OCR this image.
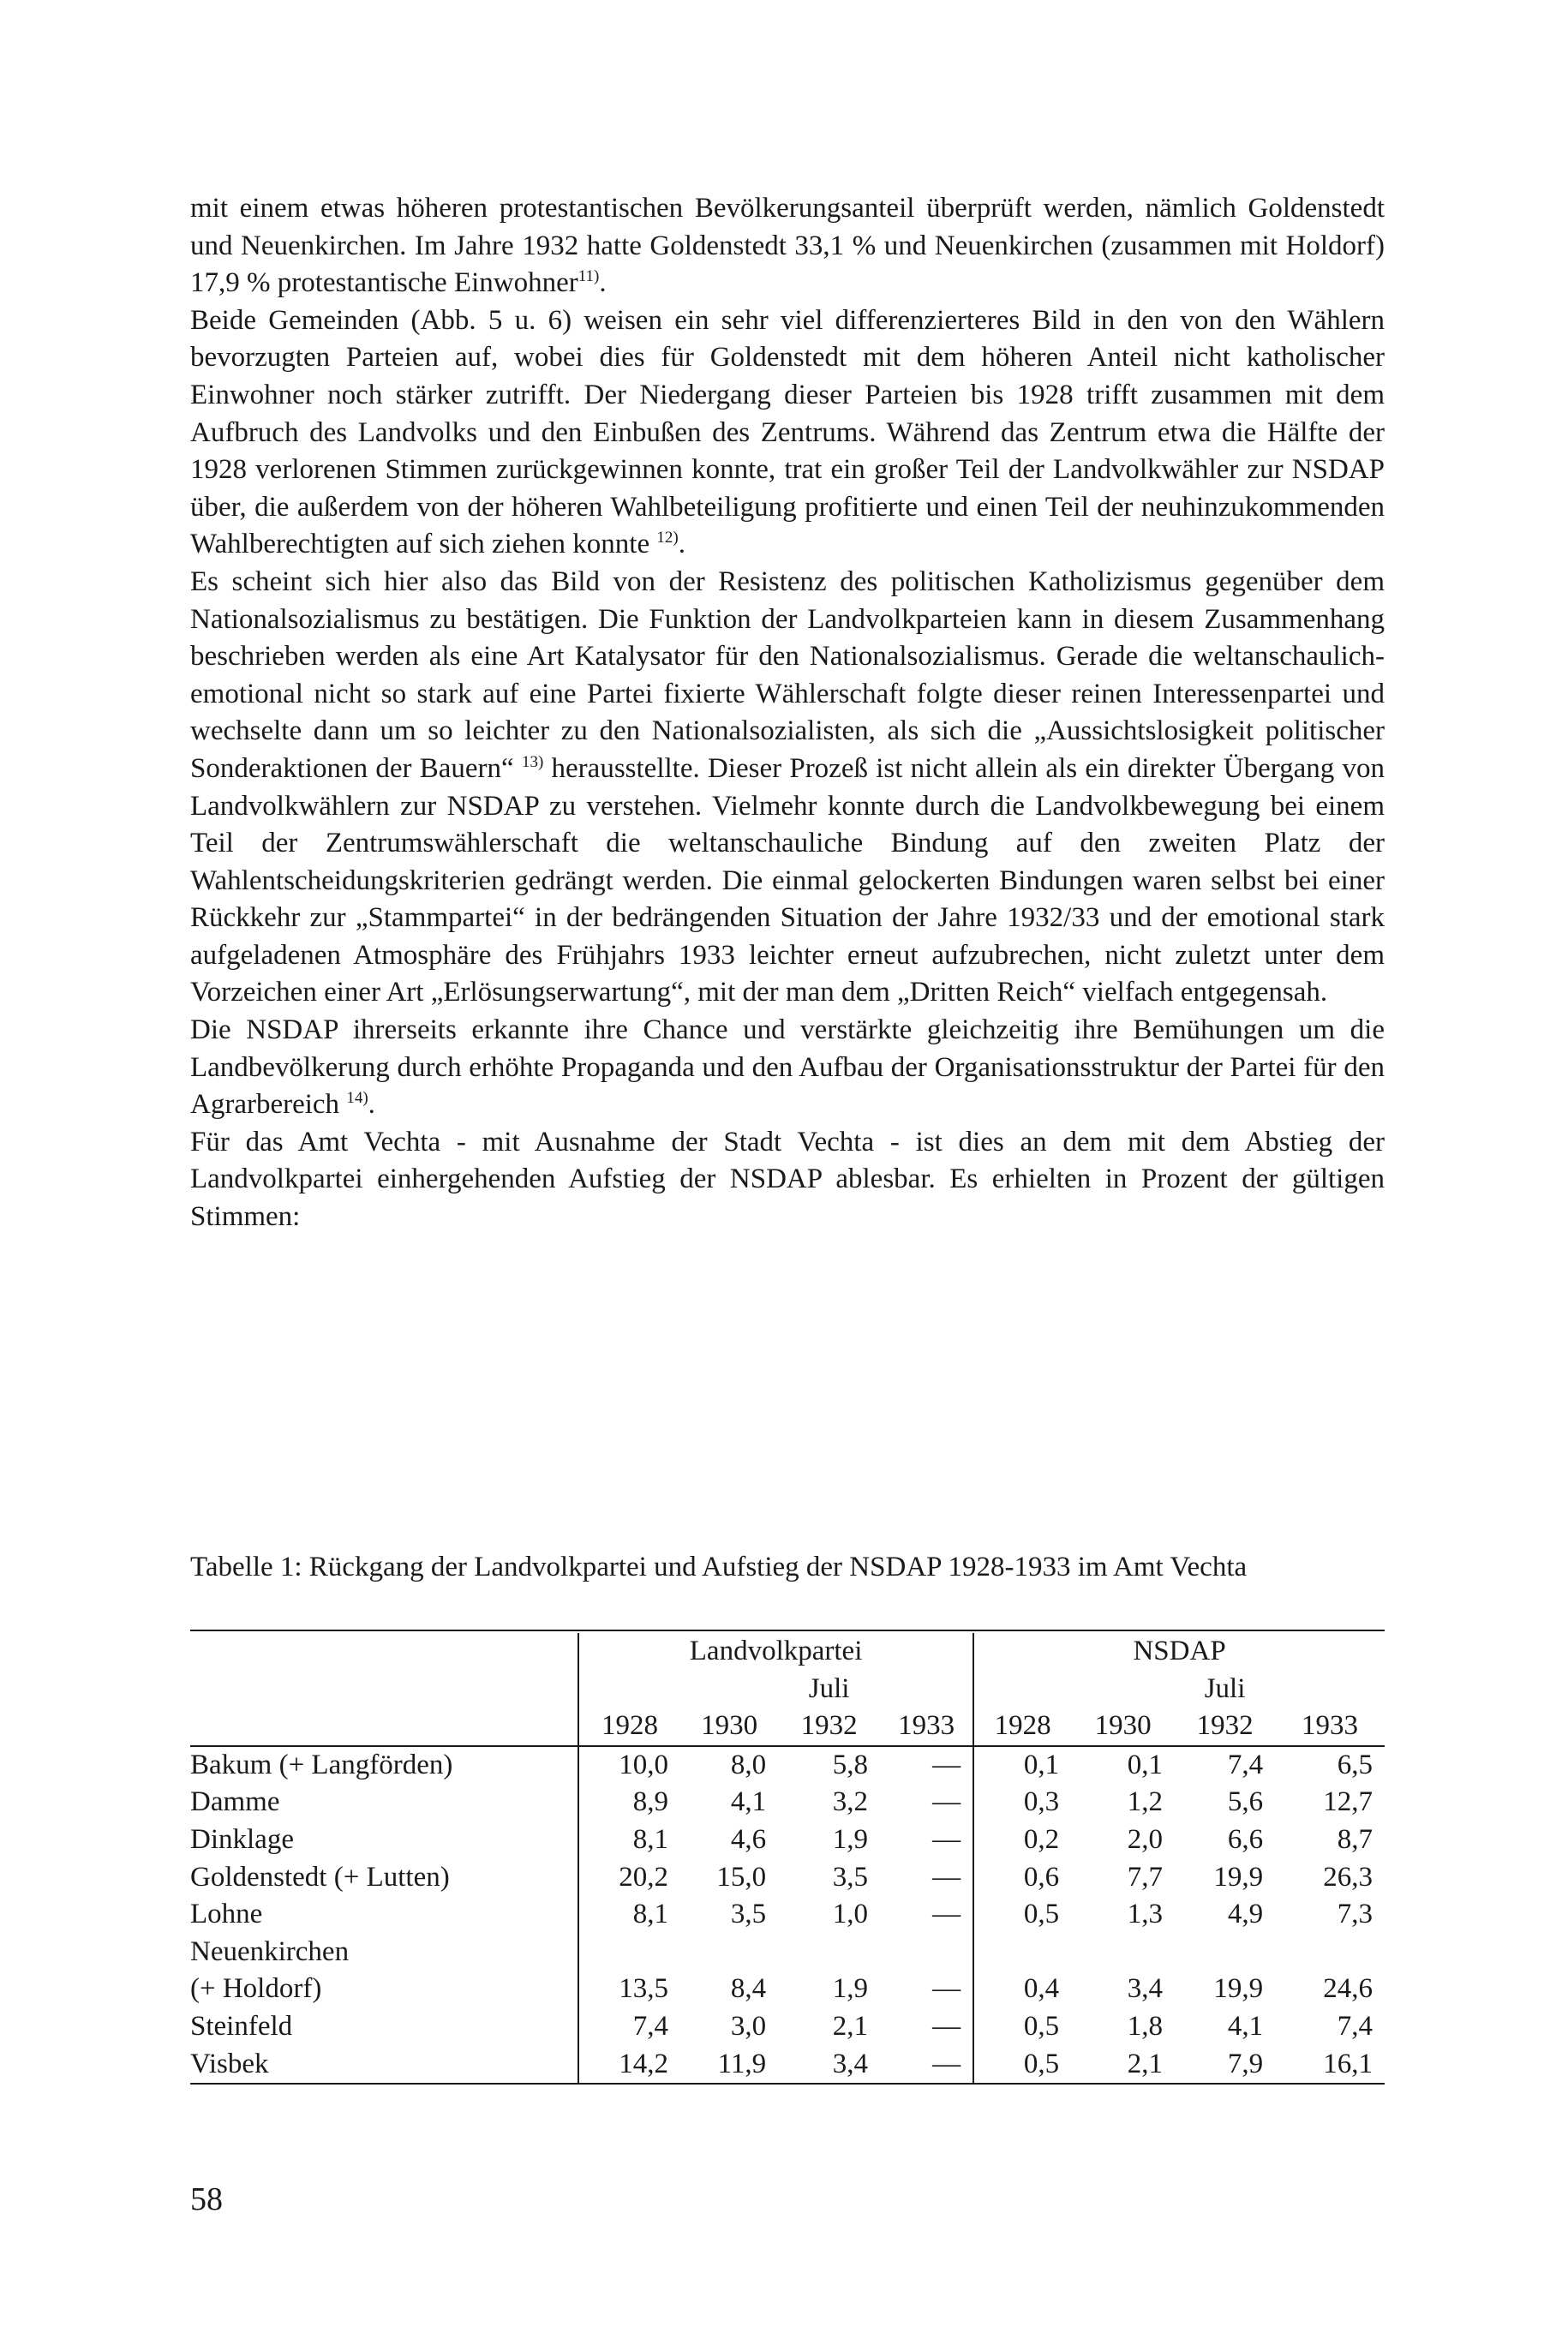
mit einem etwas höheren protestantischen Bevölkerungsanteil überprüft werden, nämlich Goldenstedt und Neuenkirchen. Im Jahre 1932 hatte Goldenstedt 33,1 % und Neuenkirchen (zusammen mit Holdorf) 17,9 % protestantische Einwohner$^{11)}$.

Beide Gemeinden (Abb. 5 u. 6) weisen ein sehr viel differenzierteres Bild in den von den Wählern bevorzugten Parteien auf, wobei dies für Goldenstedt mit dem höheren Anteil nicht katholischer Einwohner noch stärker zutrifft. Der Niedergang dieser Parteien bis 1928 trifft zusammen mit dem Aufbruch des Landvolks und den Einbußen des Zentrums. Während das Zentrum etwa die Hälfte der 1928 verlorenen Stimmen zurückgewinnen konnte, trat ein großer Teil der Landvolkwähler zur NSDAP über, die außerdem von der höheren Wahlbeteiligung profitierte und einen Teil der neuhinzukommenden Wahlberechtigten auf sich ziehen konnte $^{12)}$.

Es scheint sich hier also das Bild von der Resistenz des politischen Katholizismus gegenüber dem Nationalsozialismus zu bestätigen. Die Funktion der Landvolkparteien kann in diesem Zusammenhang beschrieben werden als eine Art Katalysator für den Nationalsozialismus. Gerade die weltanschaulich-emotional nicht so stark auf eine Partei fixierte Wählerschaft folgte dieser reinen Interessenpartei und wechselte dann um so leichter zu den Nationalsozialisten, als sich die „Aussichtslosigkeit politischer Sonderaktionen der Bauern“ $^{13)}$ herausstellte. Dieser Prozeß ist nicht allein als ein direkter Übergang von Landvolkwählern zur NSDAP zu verstehen. Vielmehr konnte durch die Landvolkbewegung bei einem Teil der Zentrumswählerschaft die weltanschauliche Bindung auf den zweiten Platz der Wahlentscheidungskriterien gedrängt werden. Die einmal gelockerten Bindungen waren selbst bei einer Rückkehr zur „Stammpartei“ in der bedrängenden Situation der Jahre 1932/33 und der emotional stark aufgeladenen Atmosphäre des Frühjahrs 1933 leichter erneut aufzubrechen, nicht zuletzt unter dem Vorzeichen einer Art „Erlösungserwartung“, mit der man dem „Dritten Reich“ vielfach entgegensah.

Die NSDAP ihrerseits erkannte ihre Chance und verstärkte gleichzeitig ihre Bemühungen um die Landbevölkerung durch erhöhte Propaganda und den Aufbau der Organisationsstruktur der Partei für den Agrarbereich $^{14)}$.

Für das Amt Vechta - mit Ausnahme der Stadt Vechta - ist dies an dem mit dem Abstieg der Landvolkpartei einhergehenden Aufstieg der NSDAP ablesbar. Es erhielten in Prozent der gültigen Stimmen:

Tabelle 1: Rückgang der Landvolkpartei und Aufstieg der NSDAP 1928-1933 im Amt Vechta

	Landvolkpartei				NSDAP			
			Juli				Juli	
	1928	1930	1932	1933	1928	1930	1932	1933
Bakum (+ Langförden)	10,0	8,0	5,8	—	0,1	0,1	7,4	6,5
Damme	8,9	4,1	3,2	—	0,3	1,2	5,6	12,7
Dinklage	8,1	4,6	1,9	—	0,2	2,0	6,6	8,7
Goldenstedt (+ Lutten)	20,2	15,0	3,5	—	0,6	7,7	19,9	26,3
Lohne	8,1	3,5	1,0	—	0,5	1,3	4,9	7,3
Neuenkirchen								
(+ Holdorf)	13,5	8,4	1,9	—	0,4	3,4	19,9	24,6
Steinfeld	7,4	3,0	2,1	—	0,5	1,8	4,1	7,4
Visbek	14,2	11,9	3,4	—	0,5	2,1	7,9	16,1

58
